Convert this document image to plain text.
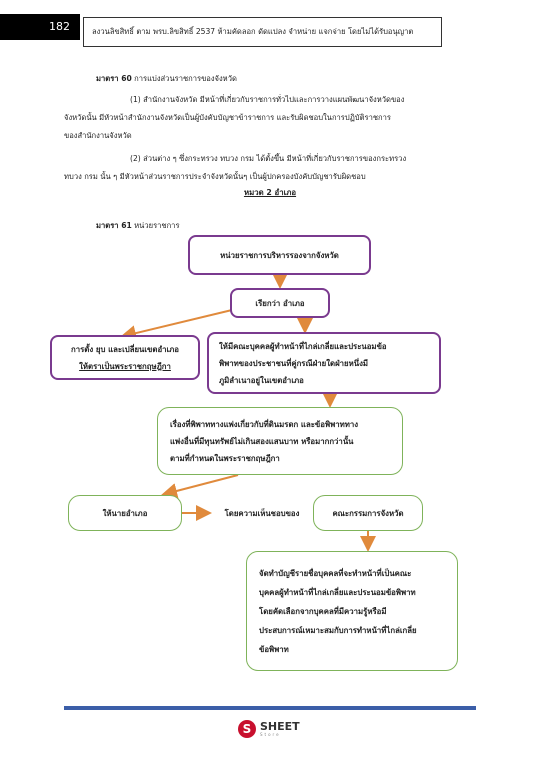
182	ลงวนลิขสิทธิ์ ตาม พรบ.ลิขสิทธิ์ 2537 ห้ามคัดลอก ดัดแปลง จำหน่าย แจกจ่าย โดยไม่ได้รับอนุญาต
มาตรา 60 การแบ่งส่วนราชการของจังหวัด
(1) สำนักงานจังหวัด มีหน้าที่เกี่ยวกับราชการทั่วไปและการวางแผนพัฒนาจังหวัดของ
จังหวัดนั้น มีหัวหน้าสำนักงานจังหวัดเป็นผู้บังคับบัญชาข้าราชการ และรับผิดชอบในการปฏิบัติราชการ
ของสำนักงานจังหวัด
(2) ส่วนต่าง ๆ ซึ่งกระทรวง ทบวง กรม ได้ตั้งขึ้น มีหน้าที่เกี่ยวกับราชการของกระทรวง
ทบวง กรม นั้น ๆ มีหัวหน้าส่วนราชการประจำจังหวัดนั้นๆ เป็นผู้ปกครองบังคับบัญชารับผิดชอบ
หมวด 2 อำเภอ
มาตรา 61 หน่วยราชการ
หน่วยราชการบริหารรองจากจังหวัด
เรียกว่า อำเภอ
การตั้ง ยุบ และเปลี่ยนเขตอำเภอ
ให้ตราเป็นพระราชกฤษฎีกา
ให้มีคณะบุคคลผู้ทำหน้าที่ไกล่เกลี่ยและประนอมข้อ
พิพาทของประชาชนที่คู่กรณีฝ่ายใดฝ่ายหนึ่งมี
ภูมิลำเนาอยู่ในเขตอำเภอ
เรื่องที่พิพาททางแพ่งเกี่ยวกับที่ดินมรดก และข้อพิพาททาง
แพ่งอื่นที่มีทุนทรัพย์ไม่เกินสองแสนบาท หรือมากกว่านั้น
ตามที่กำหนดในพระราชกฤษฎีกา
ให้นายอำเภอ	โดยความเห็นชอบของ	คณะกรรมการจังหวัด
จัดทำบัญชีรายชื่อบุคคลที่จะทำหน้าที่เป็นคณะ
บุคคลผู้ทำหน้าที่ไกล่เกลี่ยและประนอมข้อพิพาท
โดยคัดเลือกจากบุคคลที่มีความรู้หรือมี
ประสบการณ์เหมาะสมกับการทำหน้าที่ไกล่เกลี่ย
ข้อพิพาท
S SHEET
Store
